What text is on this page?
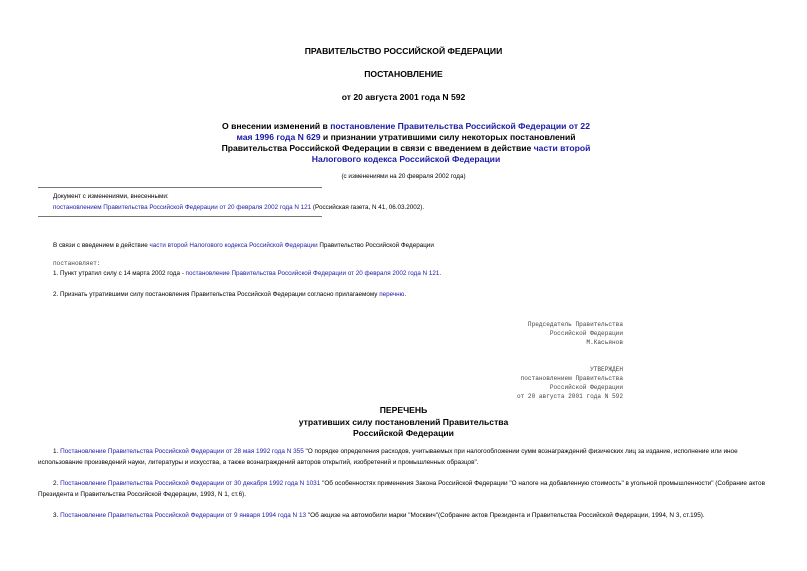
ПРАВИТЕЛЬСТВО РОССИЙСКОЙ ФЕДЕРАЦИИ
ПОСТАНОВЛЕНИЕ
от 20 августа 2001 года N 592
О внесении изменений в постановление Правительства Российской Федерации от 22 мая 1996 года N 629 и признании утратившими силу некоторых постановлений Правительства Российской Федерации в связи с введением в действие части второй Налогового кодекса Российской Федерации
(с изменениями на 20 февраля 2002 года)
Документ с изменениями, внесенными:
постановлением Правительства Российской Федерации от 20 февраля 2002 года N 121 (Российская газета, N 41, 06.03.2002).
В связи с введением в действие части второй Налогового кодекса Российской Федерации Правительство Российской Федерации
постановляет:
1. Пункт утратил силу с 14 марта 2002 года - постановление Правительства Российской Федерации от 20 февраля 2002 года N 121.
2. Признать утратившими силу постановления Правительства Российской Федерации согласно прилагаемому перечню.
Председатель Правительства
Российской Федерации
М.Касьянов
УТВЕРЖДЕН
постановлением Правительства
Российской Федерации
от 20 августа 2001 года N 592
ПЕРЕЧЕНЬ
утративших силу постановлений Правительства
Российской Федерации
1. Постановление Правительства Российской Федерации от 28 мая 1992 года N 355 "О порядке определения расходов, учитываемых при налогообложении сумм вознаграждений физических лиц за издание, исполнение или иное использование произведений науки, литературы и искусства, а также вознаграждений авторов открытий, изобретений и промышленных образцов".
2. Постановление Правительства Российской Федерации от 30 декабря 1992 года N 1031 "Об особенностях применения Закона Российской Федерации "О налоге на добавленную стоимость" в угольной промышленности" (Собрание актов Президента и Правительства Российской Федерации, 1993, N 1, ст.6).
3. Постановление Правительства Российской Федерации от 9 января 1994 года N 13 "Об акцизе на автомобили марки "Москвич"(Собрание актов Президента и Правительства Российской Федерации, 1994, N 3, ст.195).
